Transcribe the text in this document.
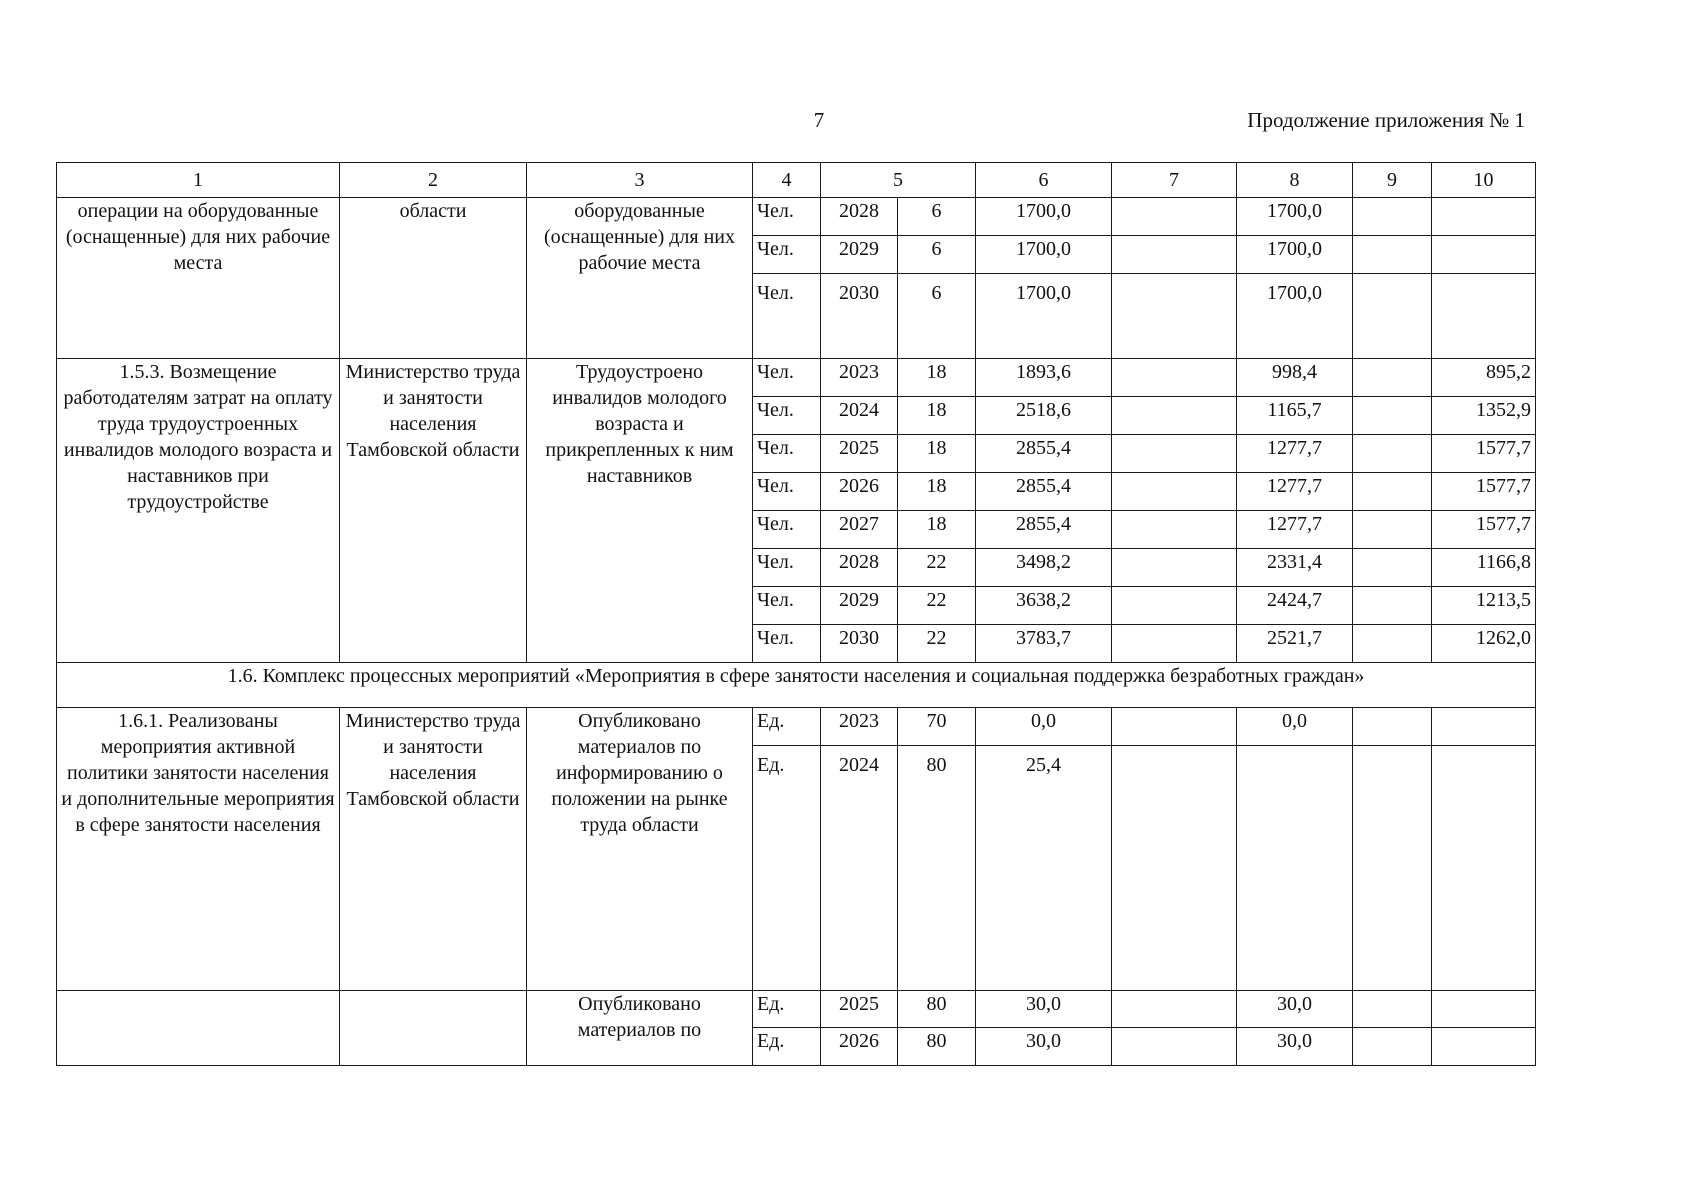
7	Продолжение приложения № 1
1	2	3	4	5		6	7	8	9	10
операции на оборудованные (оснащенные) для них рабочие места	области	оборудованные (оснащенные) для них рабочие места	Чел.	2028	6	1700,0		1700,0		
			Чел.	2029	6	1700,0		1700,0		
			Чел.	2030	6	1700,0		1700,0		
1.5.3. Возмещение работодателям затрат на оплату труда трудоустроенных инвалидов молодого возраста и наставников при трудоустройстве	Министерство труда и занятости населения Тамбовской области	Трудоустроено инвалидов молодого возраста и прикрепленных к ним наставников	Чел.	2023	18	1893,6		998,4		895,2
			Чел.	2024	18	2518,6		1165,7		1352,9
			Чел.	2025	18	2855,4		1277,7		1577,7
			Чел.	2026	18	2855,4		1277,7		1577,7
			Чел.	2027	18	2855,4		1277,7		1577,7
			Чел.	2028	22	3498,2		2331,4		1166,8
			Чел.	2029	22	3638,2		2424,7		1213,5
			Чел.	2030	22	3783,7		2521,7		1262,0
1.6. Комплекс процессных мероприятий «Мероприятия в сфере занятости населения и социальная поддержка безработных граждан»										
1.6.1. Реализованы мероприятия активной политики занятости населения и дополнительные мероприятия в сфере занятости населения	Министерство труда и занятости населения Тамбовской области	Опубликовано материалов по информированию о положении на рынке труда области	Ед.	2023	70	0,0		0,0		
			Ед.	2024	80	25,4				
		Опубликовано материалов по	Ед.	2025	80	30,0		30,0		
			Ед.	2026	80	30,0		30,0		
